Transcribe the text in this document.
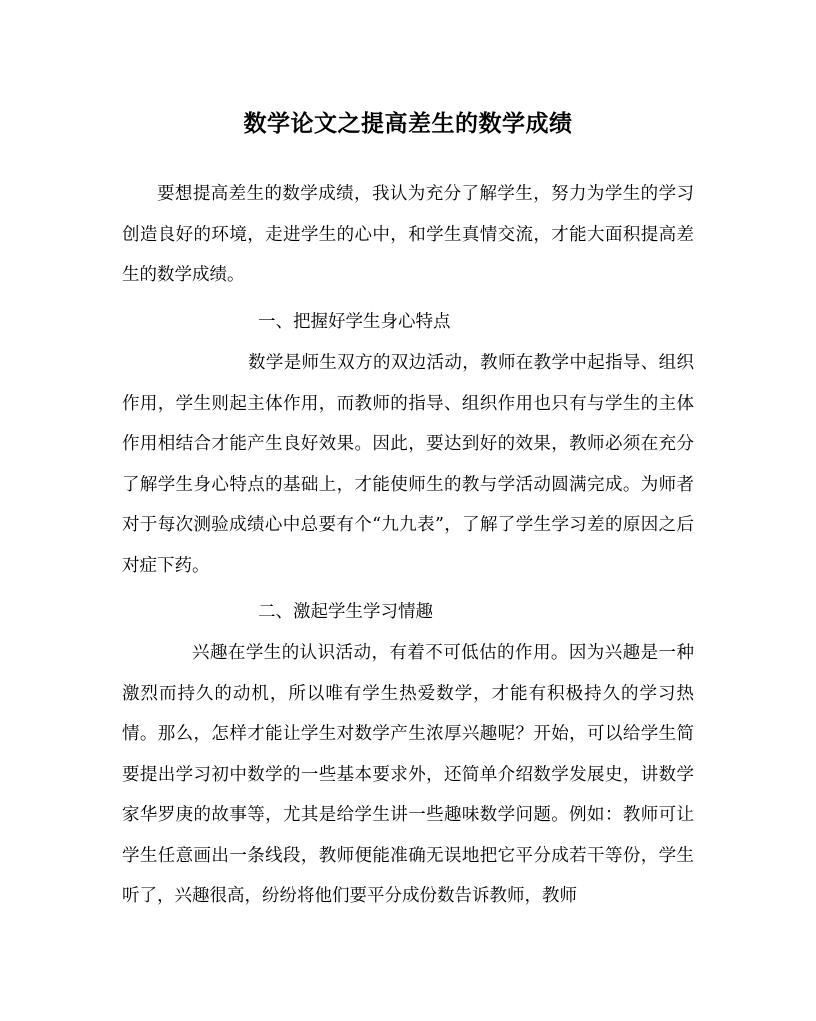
数学论文之提高差生的数学成绩
要想提高差生的数学成绩，我认为充分了解学生，努力为学生的学习创造良好的环境，走进学生的心中，和学生真情交流，才能大面积提高差生的数学成绩。
一、把握好学生身心特点
数学是师生双方的双边活动，教师在教学中起指导、组织作用，学生则起主体作用，而教师的指导、组织作用也只有与学生的主体作用相结合才能产生良好效果。因此，要达到好的效果，教师必须在充分了解学生身心特点的基础上，才能使师生的教与学活动圆满完成。为师者对于每次测验成绩心中总要有个“九九表”，了解了学生学习差的原因之后对症下药。
二、激起学生学习情趣
兴趣在学生的认识活动，有着不可低估的作用。因为兴趣是一种激烈而持久的动机，所以唯有学生热爱数学，才能有积极持久的学习热情。那么，怎样才能让学生对数学产生浓厚兴趣呢？开始，可以给学生简要提出学习初中数学的一些基本要求外，还简单介绍数学发展史，讲数学家华罗庚的故事等，尤其是给学生讲一些趣味数学问题。例如：教师可让学生任意画出一条线段，教师便能准确无误地把它平分成若干等份，学生听了，兴趣很高，纷纷将他们要平分成份数告诉教师，教师
